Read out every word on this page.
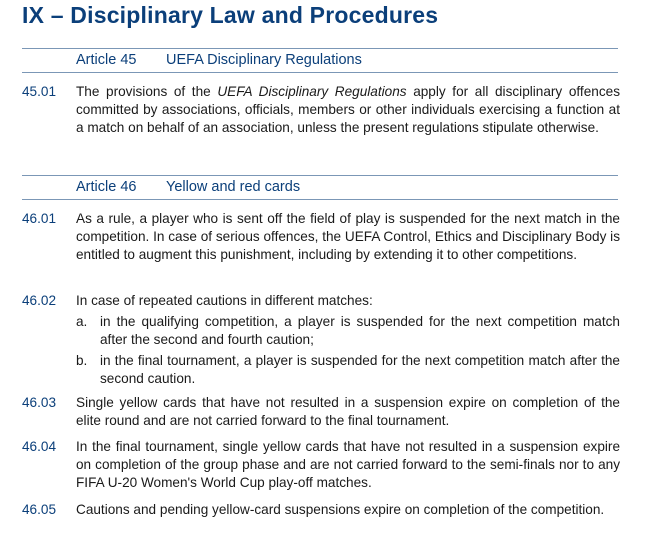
IX – Disciplinary Law and Procedures
Article 45 UEFA Disciplinary Regulations
45.01 The provisions of the UEFA Disciplinary Regulations apply for all disciplinary offences committed by associations, officials, members or other individuals exercising a function at a match on behalf of an association, unless the present regulations stipulate otherwise.
Article 46 Yellow and red cards
46.01 As a rule, a player who is sent off the field of play is suspended for the next match in the competition. In case of serious offences, the UEFA Control, Ethics and Disciplinary Body is entitled to augment this punishment, including by extending it to other competitions.
46.02 In case of repeated cautions in different matches:
a. in the qualifying competition, a player is suspended for the next competition match after the second and fourth caution;
b. in the final tournament, a player is suspended for the next competition match after the second caution.
46.03 Single yellow cards that have not resulted in a suspension expire on completion of the elite round and are not carried forward to the final tournament.
46.04 In the final tournament, single yellow cards that have not resulted in a suspension expire on completion of the group phase and are not carried forward to the semi-finals nor to any FIFA U-20 Women's World Cup play-off matches.
46.05 Cautions and pending yellow-card suspensions expire on completion of the competition.
